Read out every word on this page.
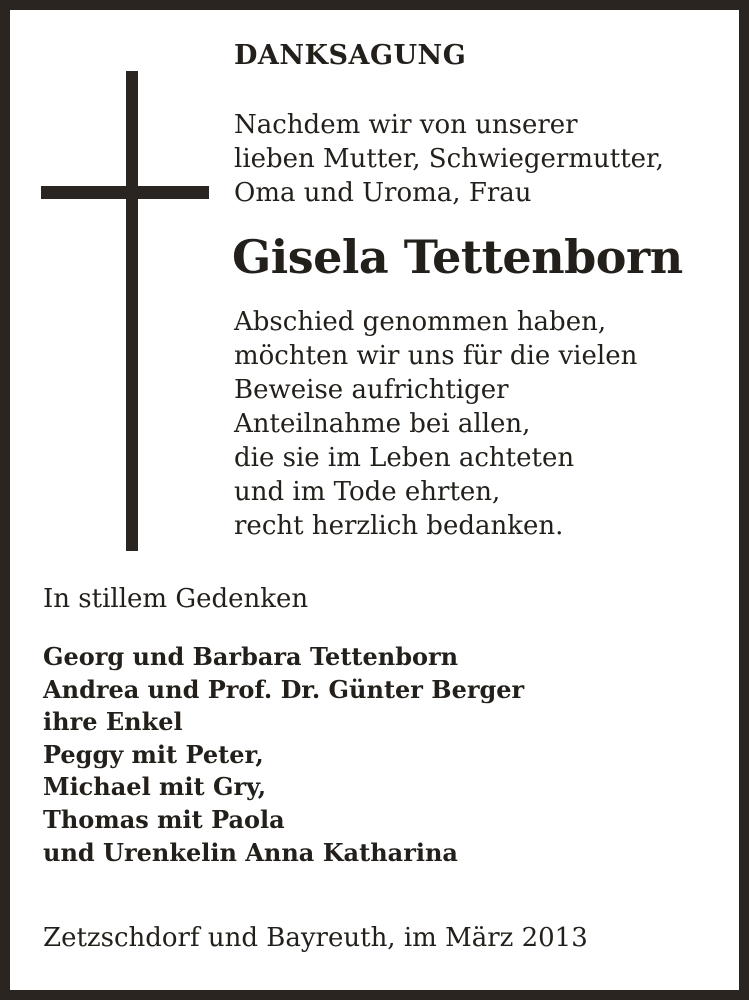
DANKSAGUNG
Nachdem wir von unserer
lieben Mutter, Schwiegermutter,
Oma und Uroma, Frau
Gisela Tettenborn
Abschied genommen haben,
möchten wir uns für die vielen
Beweise aufrichtiger
Anteilnahme bei allen,
die sie im Leben achteten
und im Tode ehrten,
recht herzlich bedanken.
In stillem Gedenken
Georg und Barbara Tettenborn
Andrea und Prof. Dr. Günter Berger
ihre Enkel
Peggy mit Peter,
Michael mit Gry,
Thomas mit Paola
und Urenkelin Anna Katharina
Zetzschdorf und Bayreuth, im März 2013
